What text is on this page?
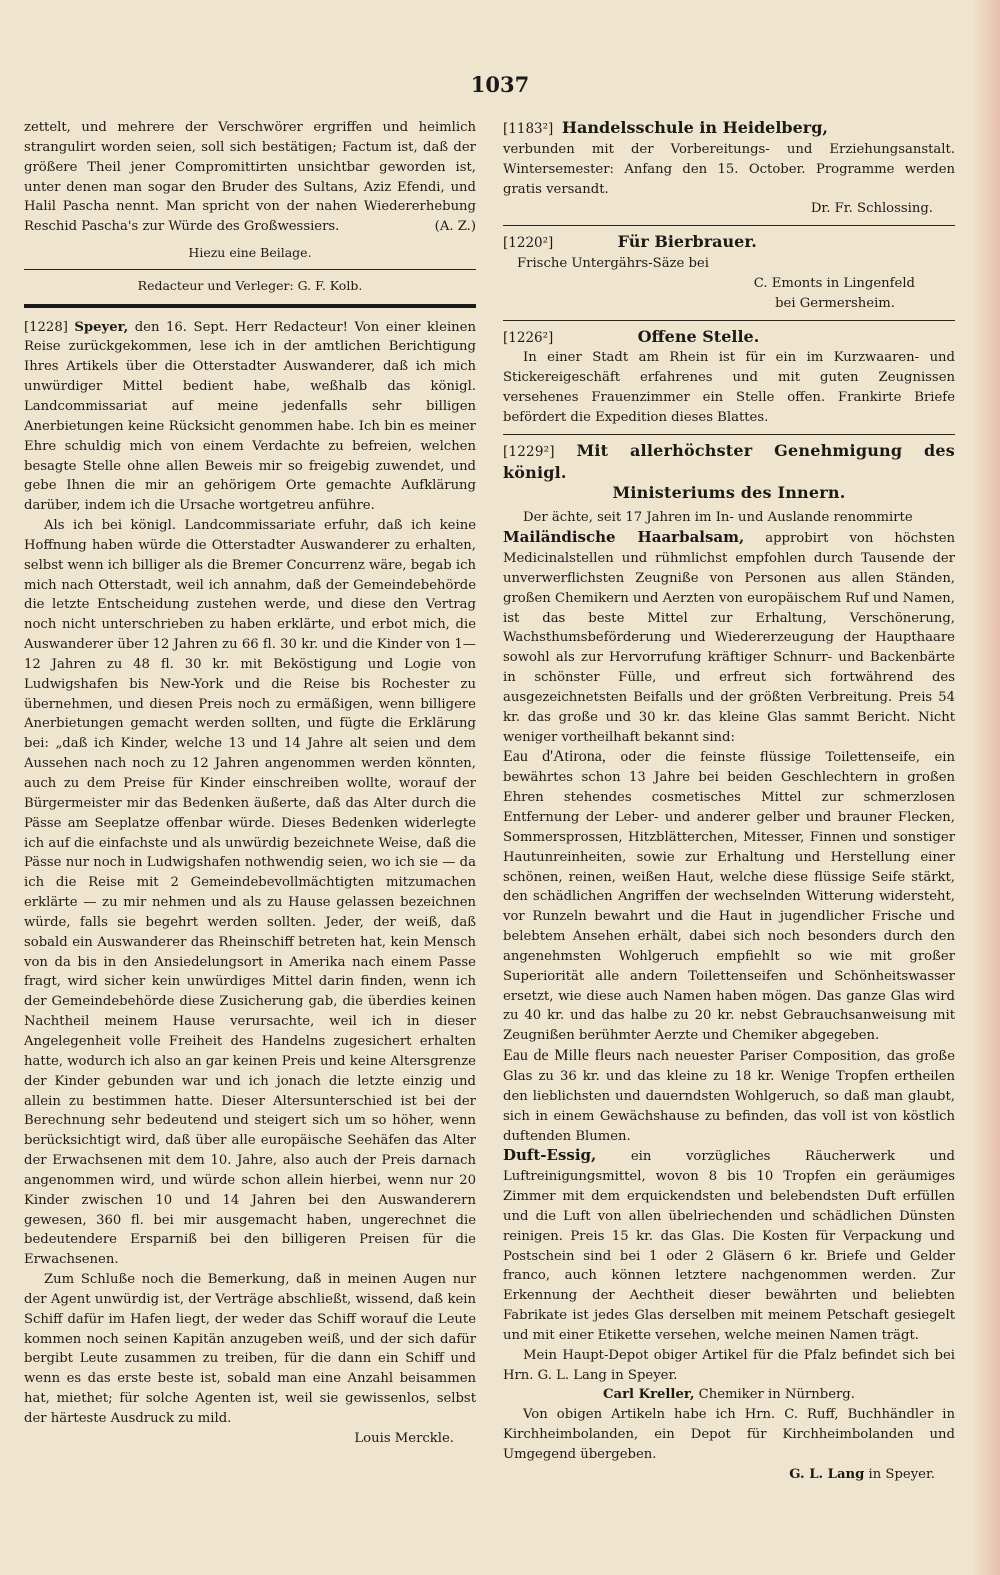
1037

zettelt, und mehrere der Verschwörer ergriffen und heimlich strangulirt worden seien, soll sich bestätigen; Factum ist, daß der größere Theil jener Compromittirten unsichtbar geworden ist, unter denen man sogar den Bruder des Sultans, Aziz Efendi, und Halil Pascha nennt. Man spricht von der nahen Wiedererhebung Reschid Pascha's zur Würde des Großwessiers.	(A. Z.)

Hiezu eine Beilage.

Redacteur und Verleger: G. F. Kolb.

[1228] Speyer, den 16. Sept. Herr Redacteur! Von einer kleinen Reise zurückgekommen, lese ich in der amtlichen Berichtigung Ihres Artikels über die Otterstadter Auswanderer, daß ich mich unwürdiger Mittel bedient habe, weßhalb das königl. Landcommissariat auf meine jedenfalls sehr billigen Anerbietungen keine Rücksicht genommen habe. Ich bin es meiner Ehre schuldig mich von einem Verdachte zu befreien, welchen besagte Stelle ohne allen Beweis mir so freigebig zuwendet, und gebe Ihnen die mir an gehörigem Orte gemachte Aufklärung darüber, indem ich die Ursache wortgetreu anführe.

Als ich bei königl. Landcommissariate erfuhr, daß ich keine Hoffnung haben würde die Otterstadter Auswanderer zu erhalten, selbst wenn ich billiger als die Bremer Concurrenz wäre, begab ich mich nach Otterstadt, weil ich annahm, daß der Gemeindebehörde die letzte Entscheidung zustehen werde, und diese den Vertrag noch nicht unterschrieben zu haben erklärte, und erbot mich, die Auswanderer über 12 Jahren zu 66 fl. 30 kr. und die Kinder von 1—12 Jahren zu 48 fl. 30 kr. mit Beköstigung und Logie von Ludwigshafen bis New-York und die Reise bis Rochester zu übernehmen, und diesen Preis noch zu ermäßigen, wenn billigere Anerbietungen gemacht werden sollten, und fügte die Erklärung bei: „daß ich Kinder, welche 13 und 14 Jahre alt seien und dem Aussehen nach noch zu 12 Jahren angenommen werden könnten, auch zu dem Preise für Kinder einschreiben wollte, worauf der Bürgermeister mir das Bedenken äußerte, daß das Alter durch die Pässe am Seeplatze offenbar würde. Dieses Bedenken widerlegte ich auf die einfachste und als unwürdig bezeichnete Weise, daß die Pässe nur noch in Ludwigshafen nothwendig seien, wo ich sie — da ich die Reise mit 2 Gemeindebevollmächtigten mitzumachen erklärte — zu mir nehmen und als zu Hause gelassen bezeichnen würde, falls sie begehrt werden sollten. Jeder, der weiß, daß sobald ein Auswanderer das Rheinschiff betreten hat, kein Mensch von da bis in den Ansiedelungsort in Amerika nach einem Passe fragt, wird sicher kein unwürdiges Mittel darin finden, wenn ich der Gemeindebehörde diese Zusicherung gab, die überdies keinen Nachtheil meinem Hause verursachte, weil ich in dieser Angelegenheit volle Freiheit des Handelns zugesichert erhalten hatte, wodurch ich also an gar keinen Preis und keine Altersgrenze der Kinder gebunden war und ich jonach die letzte einzig und allein zu bestimmen hatte. Dieser Altersunterschied ist bei der Berechnung sehr bedeutend und steigert sich um so höher, wenn berücksichtigt wird, daß über alle europäische Seehäfen das Alter der Erwachsenen mit dem 10. Jahre, also auch der Preis darnach angenommen wird, und würde schon allein hierbei, wenn nur 20 Kinder zwischen 10 und 14 Jahren bei den Auswanderern gewesen, 360 fl. bei mir ausgemacht haben, ungerechnet die bedeutendere Ersparniß bei den billigeren Preisen für die Erwachsenen.

Zum Schluße noch die Bemerkung, daß in meinen Augen nur der Agent unwürdig ist, der Verträge abschließt, wissend, daß kein Schiff dafür im Hafen liegt, der weder das Schiff worauf die Leute kommen noch seinen Kapitän anzugeben weiß, und der sich dafür bergibt Leute zusammen zu treiben, für die dann ein Schiff und wenn es das erste beste ist, sobald man eine Anzahl beisammen hat, miethet; für solche Agenten ist, weil sie gewissenlos, selbst der härteste Ausdruck zu mild.

Louis Merckle.

[1183²] Handelsschule in Heidelberg,

verbunden mit der Vorbereitungs- und Erziehungsanstalt. Wintersemester: Anfang den 15. October. Programme werden gratis versandt.

Dr. Fr. Schlossing.

[1220²]	Für Bierbrauer.

Frische Untergährs-Säze bei

C. Emonts in Lingenfeld

bei Germersheim.

[1226²]	Offene Stelle.

In einer Stadt am Rhein ist für ein im Kurzwaaren- und Stickereigeschäft erfahrenes und mit guten Zeugnissen versehenes Frauenzimmer ein Stelle offen. Frankirte Briefe befördert die Expedition dieses Blattes.

[1229²] Mit allerhöchster Genehmigung des königl.

Ministeriums des Innern.

Der ächte, seit 17 Jahren im In- und Auslande renommirte

Mailändische Haarbalsam, approbirt von höchsten Medicinalstellen und rühmlichst empfohlen durch Tausende der unverwerflichsten Zeugniße von Personen aus allen Ständen, großen Chemikern und Aerzten von europäischem Ruf und Namen, ist das beste Mittel zur Erhaltung, Verschönerung, Wachsthumsbeförderung und Wiedererzeugung der Haupthaare sowohl als zur Hervorrufung kräftiger Schnurr- und Backenbärte in schönster Fülle, und erfreut sich fortwährend des ausgezeichnetsten Beifalls und der größten Verbreitung. Preis 54 kr. das große und 30 kr. das kleine Glas sammt Bericht. Nicht weniger vortheilhaft bekannt sind:

Eau d'Atirona, oder die feinste flüssige Toilettenseife, ein bewährtes schon 13 Jahre bei beiden Geschlechtern in großen Ehren stehendes cosmetisches Mittel zur schmerzlosen Entfernung der Leber- und anderer gelber und brauner Flecken, Sommersprossen, Hitzblätterchen, Mitesser, Finnen und sonstiger Hautunreinheiten, sowie zur Erhaltung und Herstellung einer schönen, reinen, weißen Haut, welche diese flüssige Seife stärkt, den schädlichen Angriffen der wechselnden Witterung widersteht, vor Runzeln bewahrt und die Haut in jugendlicher Frische und belebtem Ansehen erhält, dabei sich noch besonders durch den angenehmsten Wohlgeruch empfiehlt so wie mit großer Superiorität alle andern Toilettenseifen und Schönheitswasser ersetzt, wie diese auch Namen haben mögen. Das ganze Glas wird zu 40 kr. und das halbe zu 20 kr. nebst Gebrauchsanweisung mit Zeugnißen berühmter Aerzte und Chemiker abgegeben.

Eau de Mille fleurs nach neuester Pariser Composition, das große Glas zu 36 kr. und das kleine zu 18 kr. Wenige Tropfen ertheilen den lieblichsten und dauerndsten Wohlgeruch, so daß man glaubt, sich in einem Gewächshause zu befinden, das voll ist von köstlich duftenden Blumen.

Duft-Essig,	ein vorzügliches Räucherwerk und Luftreinigungsmittel, wovon 8 bis 10 Tropfen ein geräumiges Zimmer mit dem erquickendsten und belebendsten Duft erfüllen und die Luft von allen übelriechenden und schädlichen Dünsten reinigen. Preis 15 kr. das Glas. Die Kosten für Verpackung und Postschein sind bei 1 oder 2 Gläsern 6 kr. Briefe und Gelder franco, auch können letztere nachgenommen werden. Zur Erkennung der Aechtheit dieser bewährten und beliebten Fabrikate ist jedes Glas derselben mit meinem Petschaft gesiegelt und mit einer Etikette versehen, welche meinen Namen trägt.

Mein Haupt-Depot obiger Artikel für die Pfalz befindet sich bei Hrn. G. L. Lang in Speyer.

Carl Kreller, Chemiker in Nürnberg.

Von obigen Artikeln habe ich Hrn. C. Ruff, Buchhändler in Kirchheimbolanden, ein Depot für Kirchheimbolanden und Umgegend übergeben.

G. L. Lang in Speyer.
